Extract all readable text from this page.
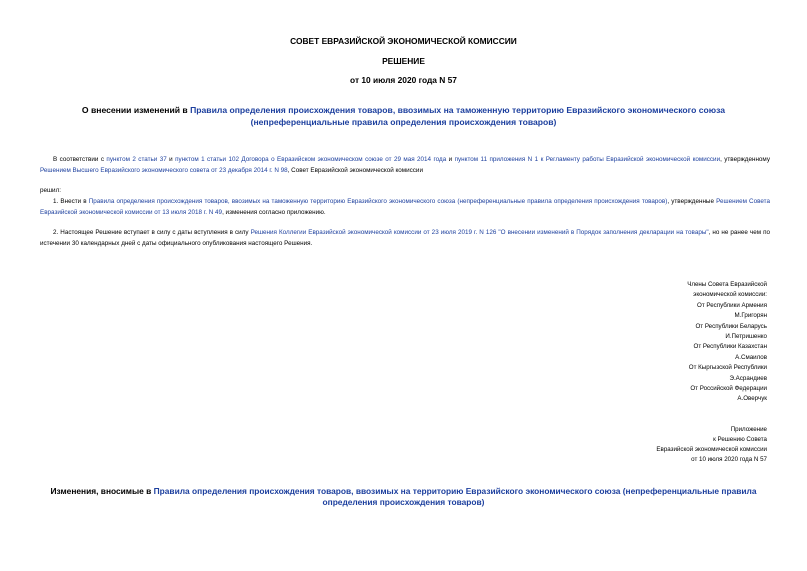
СОВЕТ ЕВРАЗИЙСКОЙ ЭКОНОМИЧЕСКОЙ КОМИССИИ
РЕШЕНИЕ
от 10 июля 2020 года N 57
О внесении изменений в Правила определения происхождения товаров, ввозимых на таможенную территорию Евразийского экономического союза (непреференциальные правила определения происхождения товаров)
В соответствии с пунктом 2 статьи 37 и пунктом 1 статьи 102 Договора о Евразийском экономическом союзе от 29 мая 2014 года и пунктом 11 приложения N 1 к Регламенту работы Евразийской экономической комиссии, утвержденному Решением Высшего Евразийского экономического совета от 23 декабря 2014 г. N 98, Совет Евразийской экономической комиссии
решил:
1. Внести в Правила определения происхождения товаров, ввозимых на таможенную территорию Евразийского экономического союза (непреференциальные правила определения происхождения товаров), утвержденные Решением Совета Евразийской экономической комиссии от 13 июля 2018 г. N 49, изменения согласно приложению.
2. Настоящее Решение вступает в силу с даты вступления в силу Решения Коллегии Евразийской экономической комиссии от 23 июля 2019 г. N 126 "О внесении изменений в Порядок заполнения декларации на товары", но не ранее чем по истечении 30 календарных дней с даты официального опубликования настоящего Решения.
Члены Совета Евразийской
экономической комиссии:
От Республики Армения
М.Григорян
От Республики Беларусь
И.Петришенко
От Республики Казахстан
А.Смаилов
От Кыргызской Республики
Э.Асрандиев
От Российской Федерации
А.Оверчук
Приложение
к Решению Совета
Евразийской экономической комиссии
от 10 июля 2020 года N 57
Изменения, вносимые в Правила определения происхождения товаров, ввозимых на территорию Евразийского экономического союза (непреференциальные правила определения происхождения товаров)
